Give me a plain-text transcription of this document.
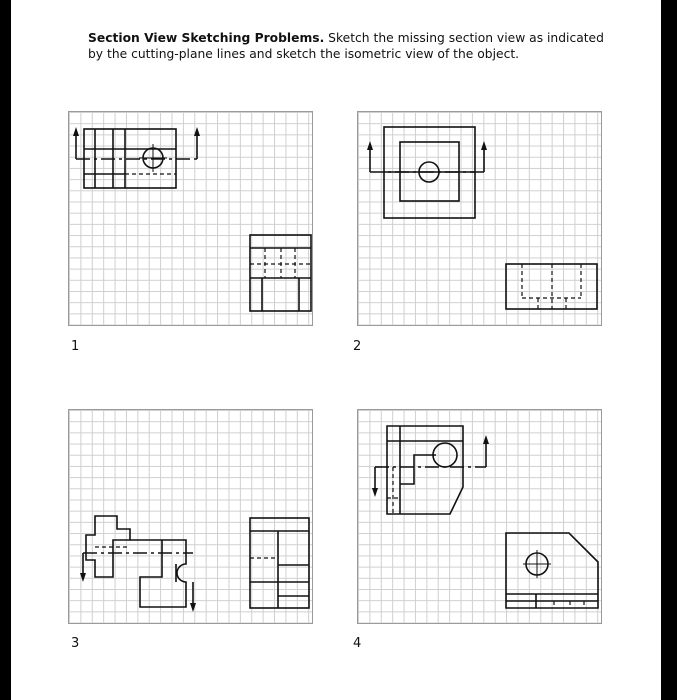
Section View Sketching Problems. Sketch the missing section view as indicated by the cutting-plane lines and sketch the isometric view of the object.
1	2
3	4
